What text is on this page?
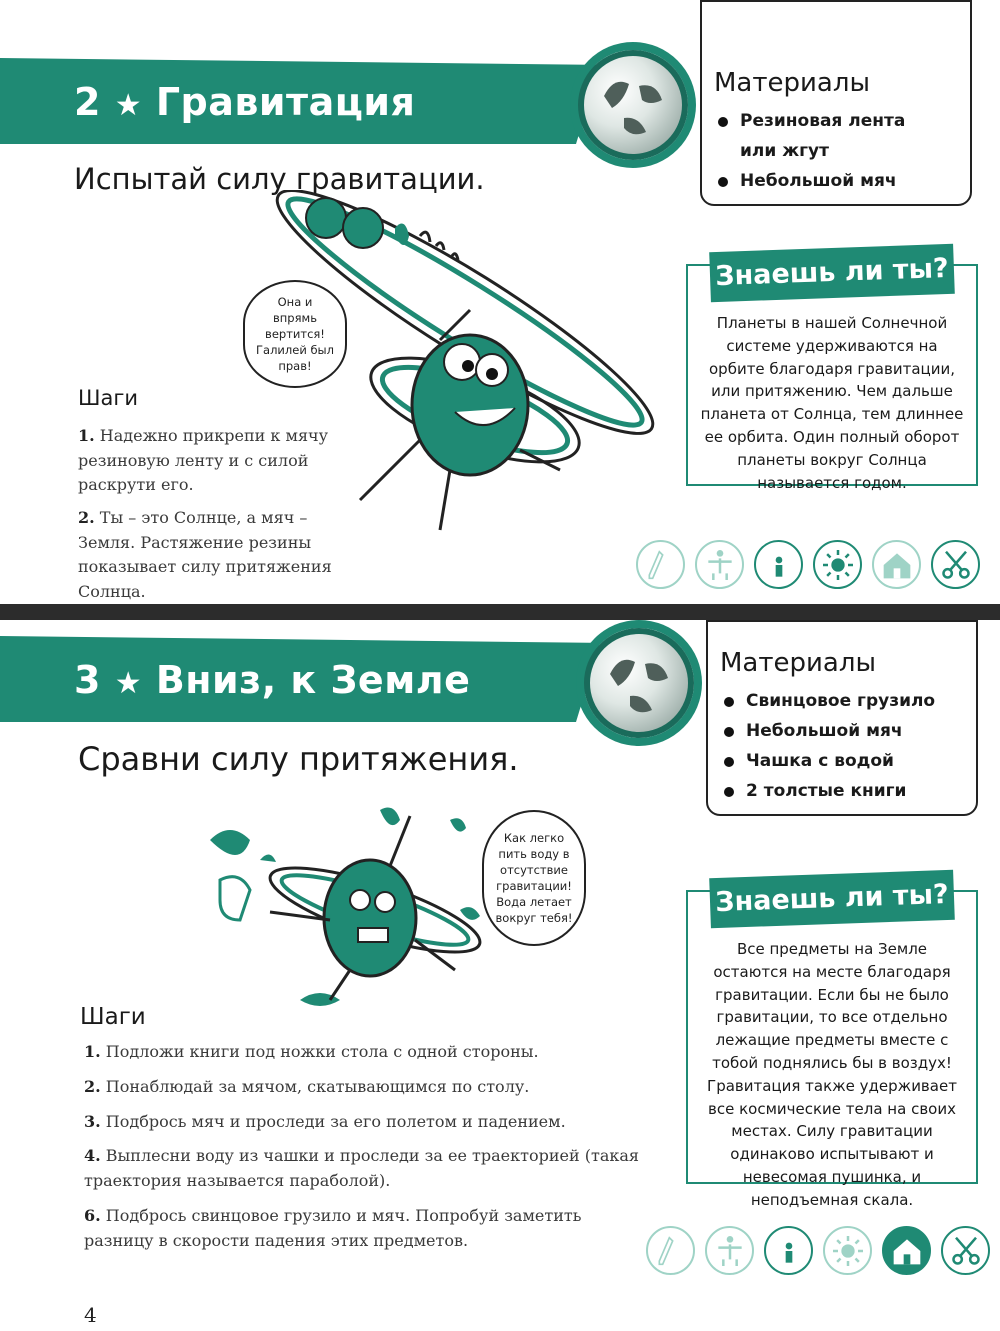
2 ★ Гравитация
Испытай силу гравитации.
Материалы
Резиновая лента
или жгут
Небольшой мяч
Знаешь ли ты?
Планеты в нашей Солнечной системе удерживаются на орбите благодаря гравитации, или притяжению. Чем дальше планета от Солнца, тем длиннее ее орбита. Один полный оборот планеты вокруг Солнца называется годом.
Она и впрямь вертится! Галилей был прав!
Шаги
1. Надежно прикрепи к мячу резиновую ленту и с силой раскрути его.
2. Ты – это Солнце, а мяч – Земля. Растяжение резины показывает силу притяжения Солнца.
3 ★ Вниз, к Земле
Сравни силу притяжения.
Материалы
Свинцовое грузило
Небольшой мяч
Чашка с водой
2 толстые книги
Знаешь ли ты?
Все предметы на Земле остаются на месте благодаря гравитации. Если бы не было гравитации, то все отдельно лежащие предметы вместе с тобой поднялись бы в воздух! Гравитация также удерживает все космические тела на своих местах. Силу гравитации одинаково испытывают и невесомая пушинка, и неподъемная скала.
Как легко пить воду в отсутствие гравитации! Вода летает вокруг тебя!
Шаги
1. Подложи книги под ножки стола с одной стороны.
2. Понаблюдай за мячом, скатывающимся по столу.
3. Подбрось мяч и проследи за его полетом и падением.
4. Выплесни воду из чашки и проследи за ее траекторией (такая траектория называется параболой).
6. Подбрось свинцовое грузило и мяч. Попробуй заметить разницу в скорости падения этих предметов.
4
